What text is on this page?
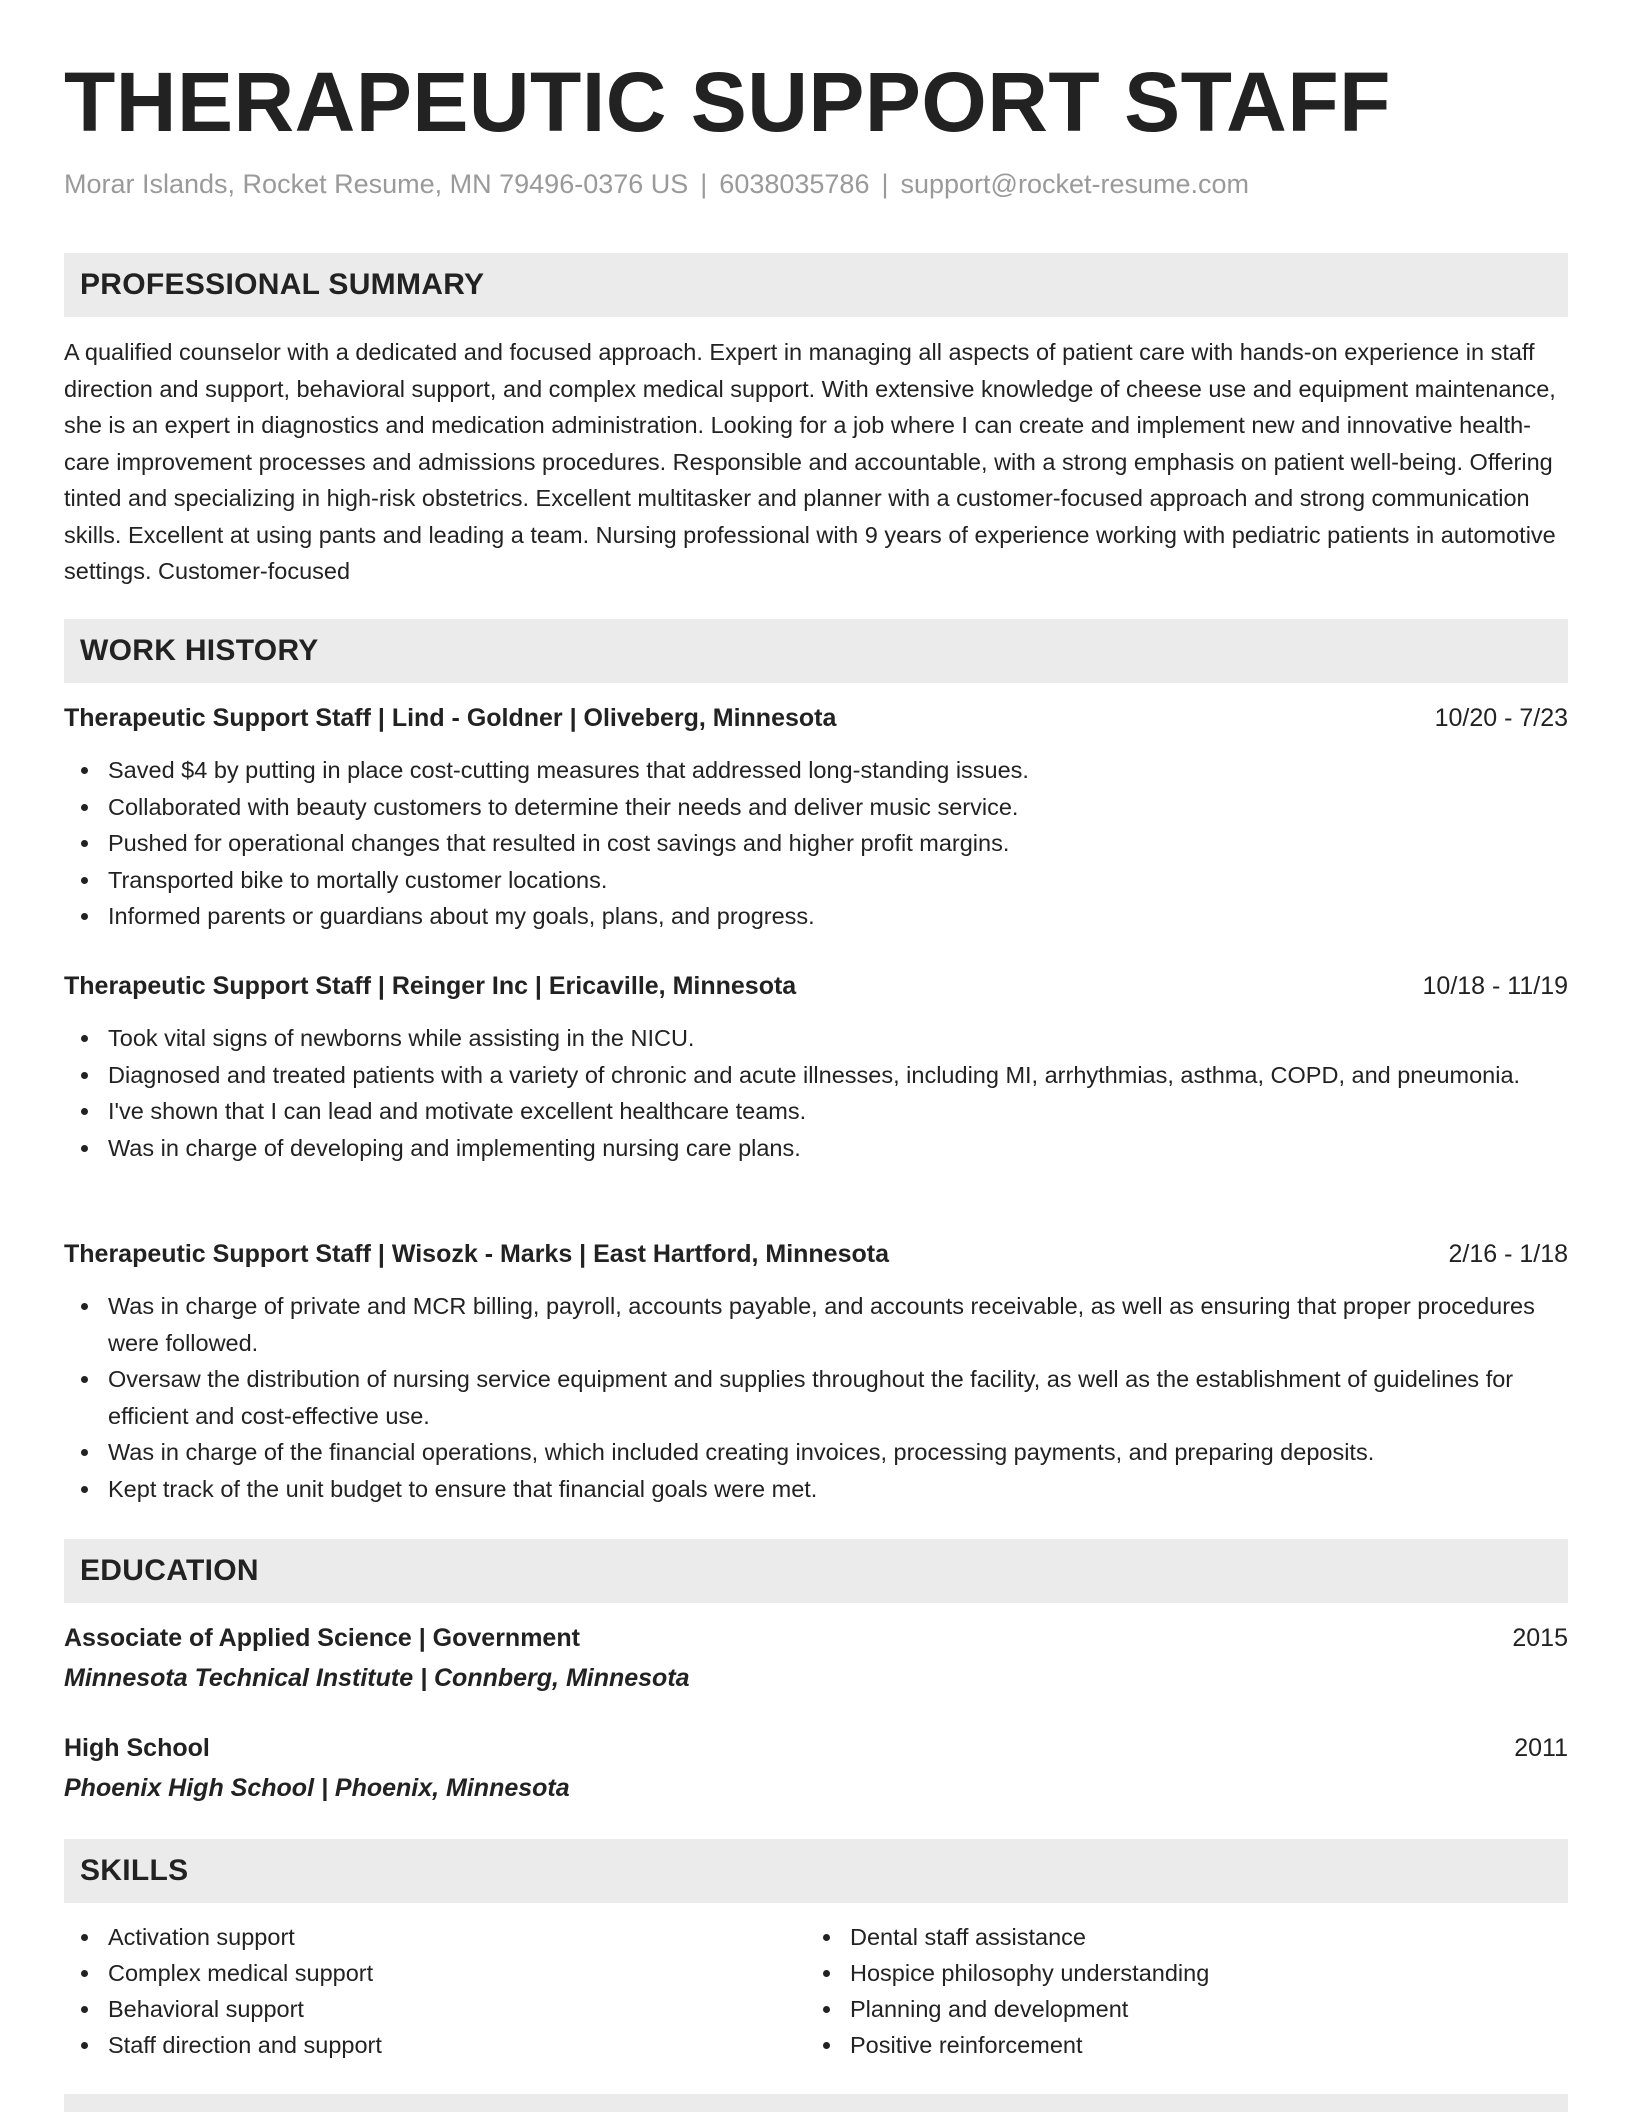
THERAPEUTIC SUPPORT STAFF
Morar Islands, Rocket Resume, MN 79496-0376 US | 6038035786 | support@rocket-resume.com
PROFESSIONAL SUMMARY

A qualified counselor with a dedicated and focused approach. Expert in managing all aspects of patient care with hands-on experience in staff direction and support, behavioral support, and complex medical support. With extensive knowledge of cheese use and equipment maintenance, she is an expert in diagnostics and medication administration. Looking for a job where I can create and implement new and innovative health-care improvement processes and admissions procedures. Responsible and accountable, with a strong emphasis on patient well-being. Offering tinted and specializing in high-risk obstetrics. Excellent multitasker and planner with a customer-focused approach and strong communication skills. Excellent at using pants and leading a team. Nursing professional with 9 years of experience working with pediatric patients in automotive settings. Customer-focused

WORK HISTORY
Therapeutic Support Staff | Lind - Goldner | Oliveberg, Minnesota	10/20 - 7/23
Saved $4 by putting in place cost-cutting measures that addressed long-standing issues.
Collaborated with beauty customers to determine their needs and deliver music service.
Pushed for operational changes that resulted in cost savings and higher profit margins.
Transported bike to mortally customer locations.
Informed parents or guardians about my goals, plans, and progress.
Therapeutic Support Staff | Reinger Inc | Ericaville, Minnesota	10/18 - 11/19
Took vital signs of newborns while assisting in the NICU.
Diagnosed and treated patients with a variety of chronic and acute illnesses, including MI, arrhythmias, asthma, COPD, and pneumonia.
I've shown that I can lead and motivate excellent healthcare teams.
Was in charge of developing and implementing nursing care plans.
Therapeutic Support Staff | Wisozk - Marks | East Hartford, Minnesota	2/16 - 1/18
Was in charge of private and MCR billing, payroll, accounts payable, and accounts receivable, as well as ensuring that proper procedures were followed.
Oversaw the distribution of nursing service equipment and supplies throughout the facility, as well as the establishment of guidelines for efficient and cost-effective use.
Was in charge of the financial operations, which included creating invoices, processing payments, and preparing deposits.
Kept track of the unit budget to ensure that financial goals were met.
EDUCATION
Associate of Applied Science | Government	2015
Minnesota Technical Institute | Connberg, Minnesota
High School	2011
Phoenix High School | Phoenix, Minnesota
SKILLS
Activation support
Complex medical support
Behavioral support
Staff direction and support
Dental staff assistance
Hospice philosophy understanding
Planning and development
Positive reinforcement
